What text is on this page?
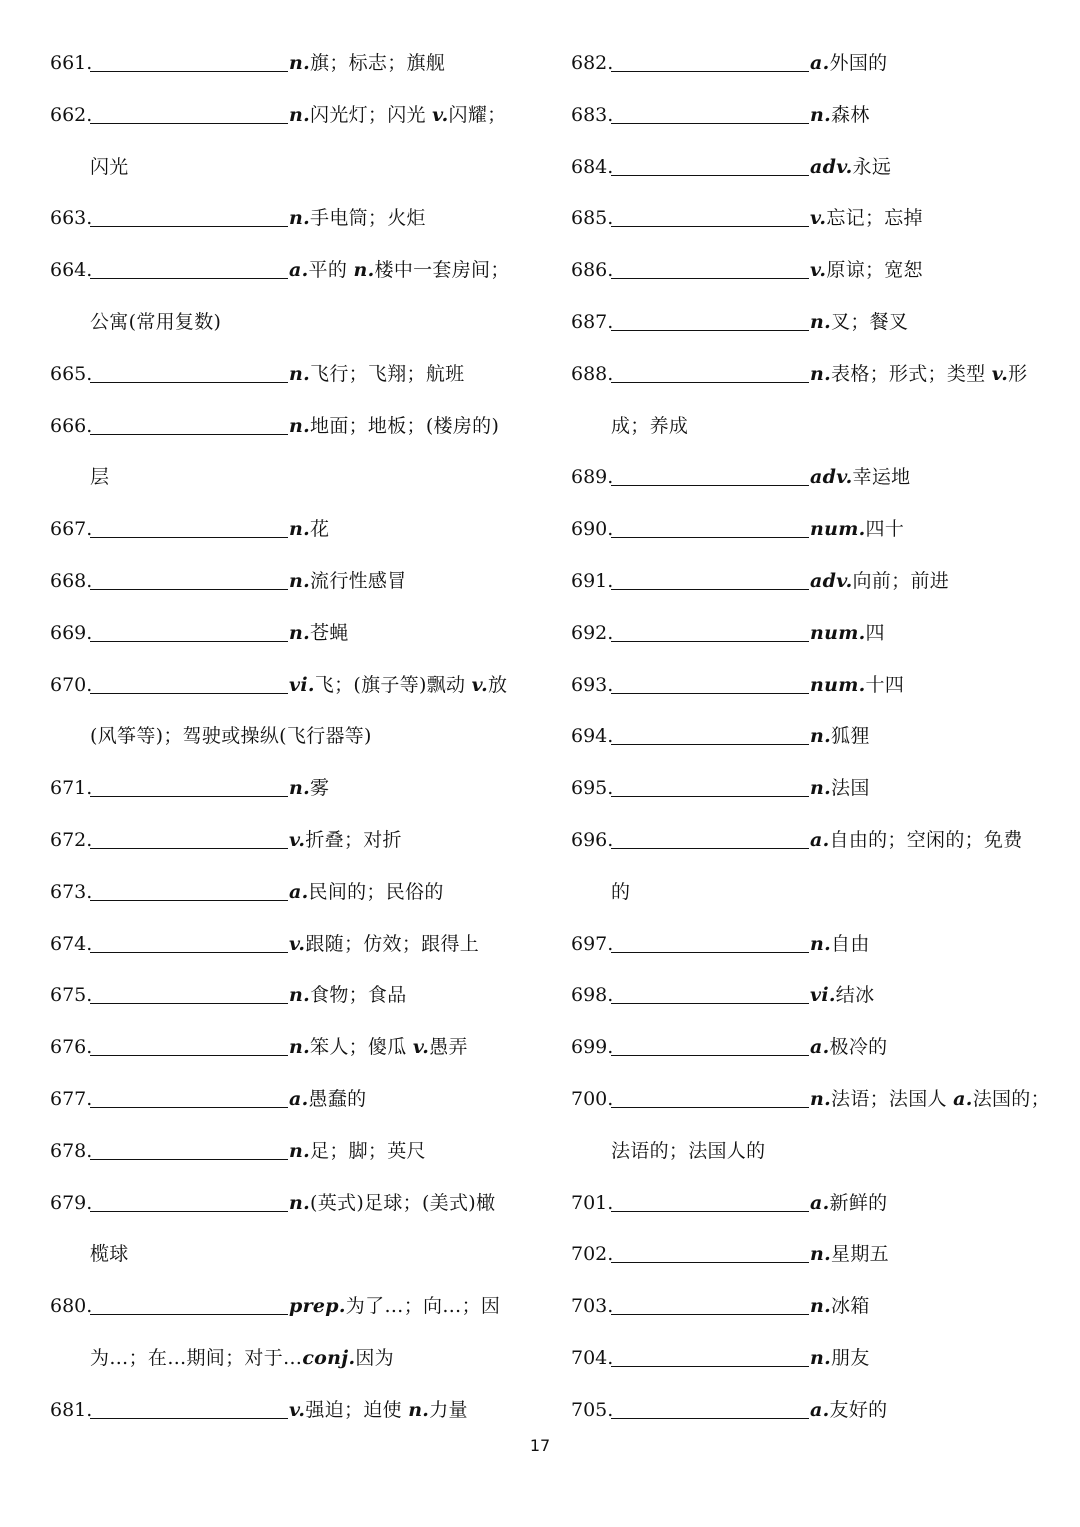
661.	n.旗；标志；旗舰
662.	n.闪光灯；闪光 v.闪耀；
闪光
663.	n.手电筒；火炬
664.	a.平的 n.楼中一套房间；
公寓(常用复数)
665.	n.飞行；飞翔；航班
666.	n.地面；地板；(楼房的)
层
667.	n.花
668.	n.流行性感冒
669.	n.苍蝇
670.	vi.飞；(旗子等)飘动 v.放
(风筝等)；驾驶或操纵(飞行器等)
671.	n.雾
672.	v.折叠；对折
673.	a.民间的；民俗的
674.	v.跟随；仿效；跟得上
675.	n.食物；食品
676.	n.笨人；傻瓜 v.愚弄
677.	a.愚蠢的
678.	n.足；脚；英尺
679.	n.(英式)足球；(美式)橄
榄球
680.	prep.为了…；向…；因
为…；在…期间；对于…conj.因为
681.	v.强迫；迫使 n.力量
682.	a.外国的
683.	n.森林
684.	adv.永远
685.	v.忘记；忘掉
686.	v.原谅；宽恕
687.	n.叉；餐叉
688.	n.表格；形式；类型 v.形
成；养成
689.	adv.幸运地
690.	num.四十
691.	adv.向前；前进
692.	num.四
693.	num.十四
694.	n.狐狸
695.	n.法国
696.	a.自由的；空闲的；免费
的
697.	n.自由
698.	vi.结冰
699.	a.极冷的
700.	n.法语；法国人 a.法国的；
法语的；法国人的
701.	a.新鲜的
702.	n.星期五
703.	n.冰箱
704.	n.朋友
705.	a.友好的
17
